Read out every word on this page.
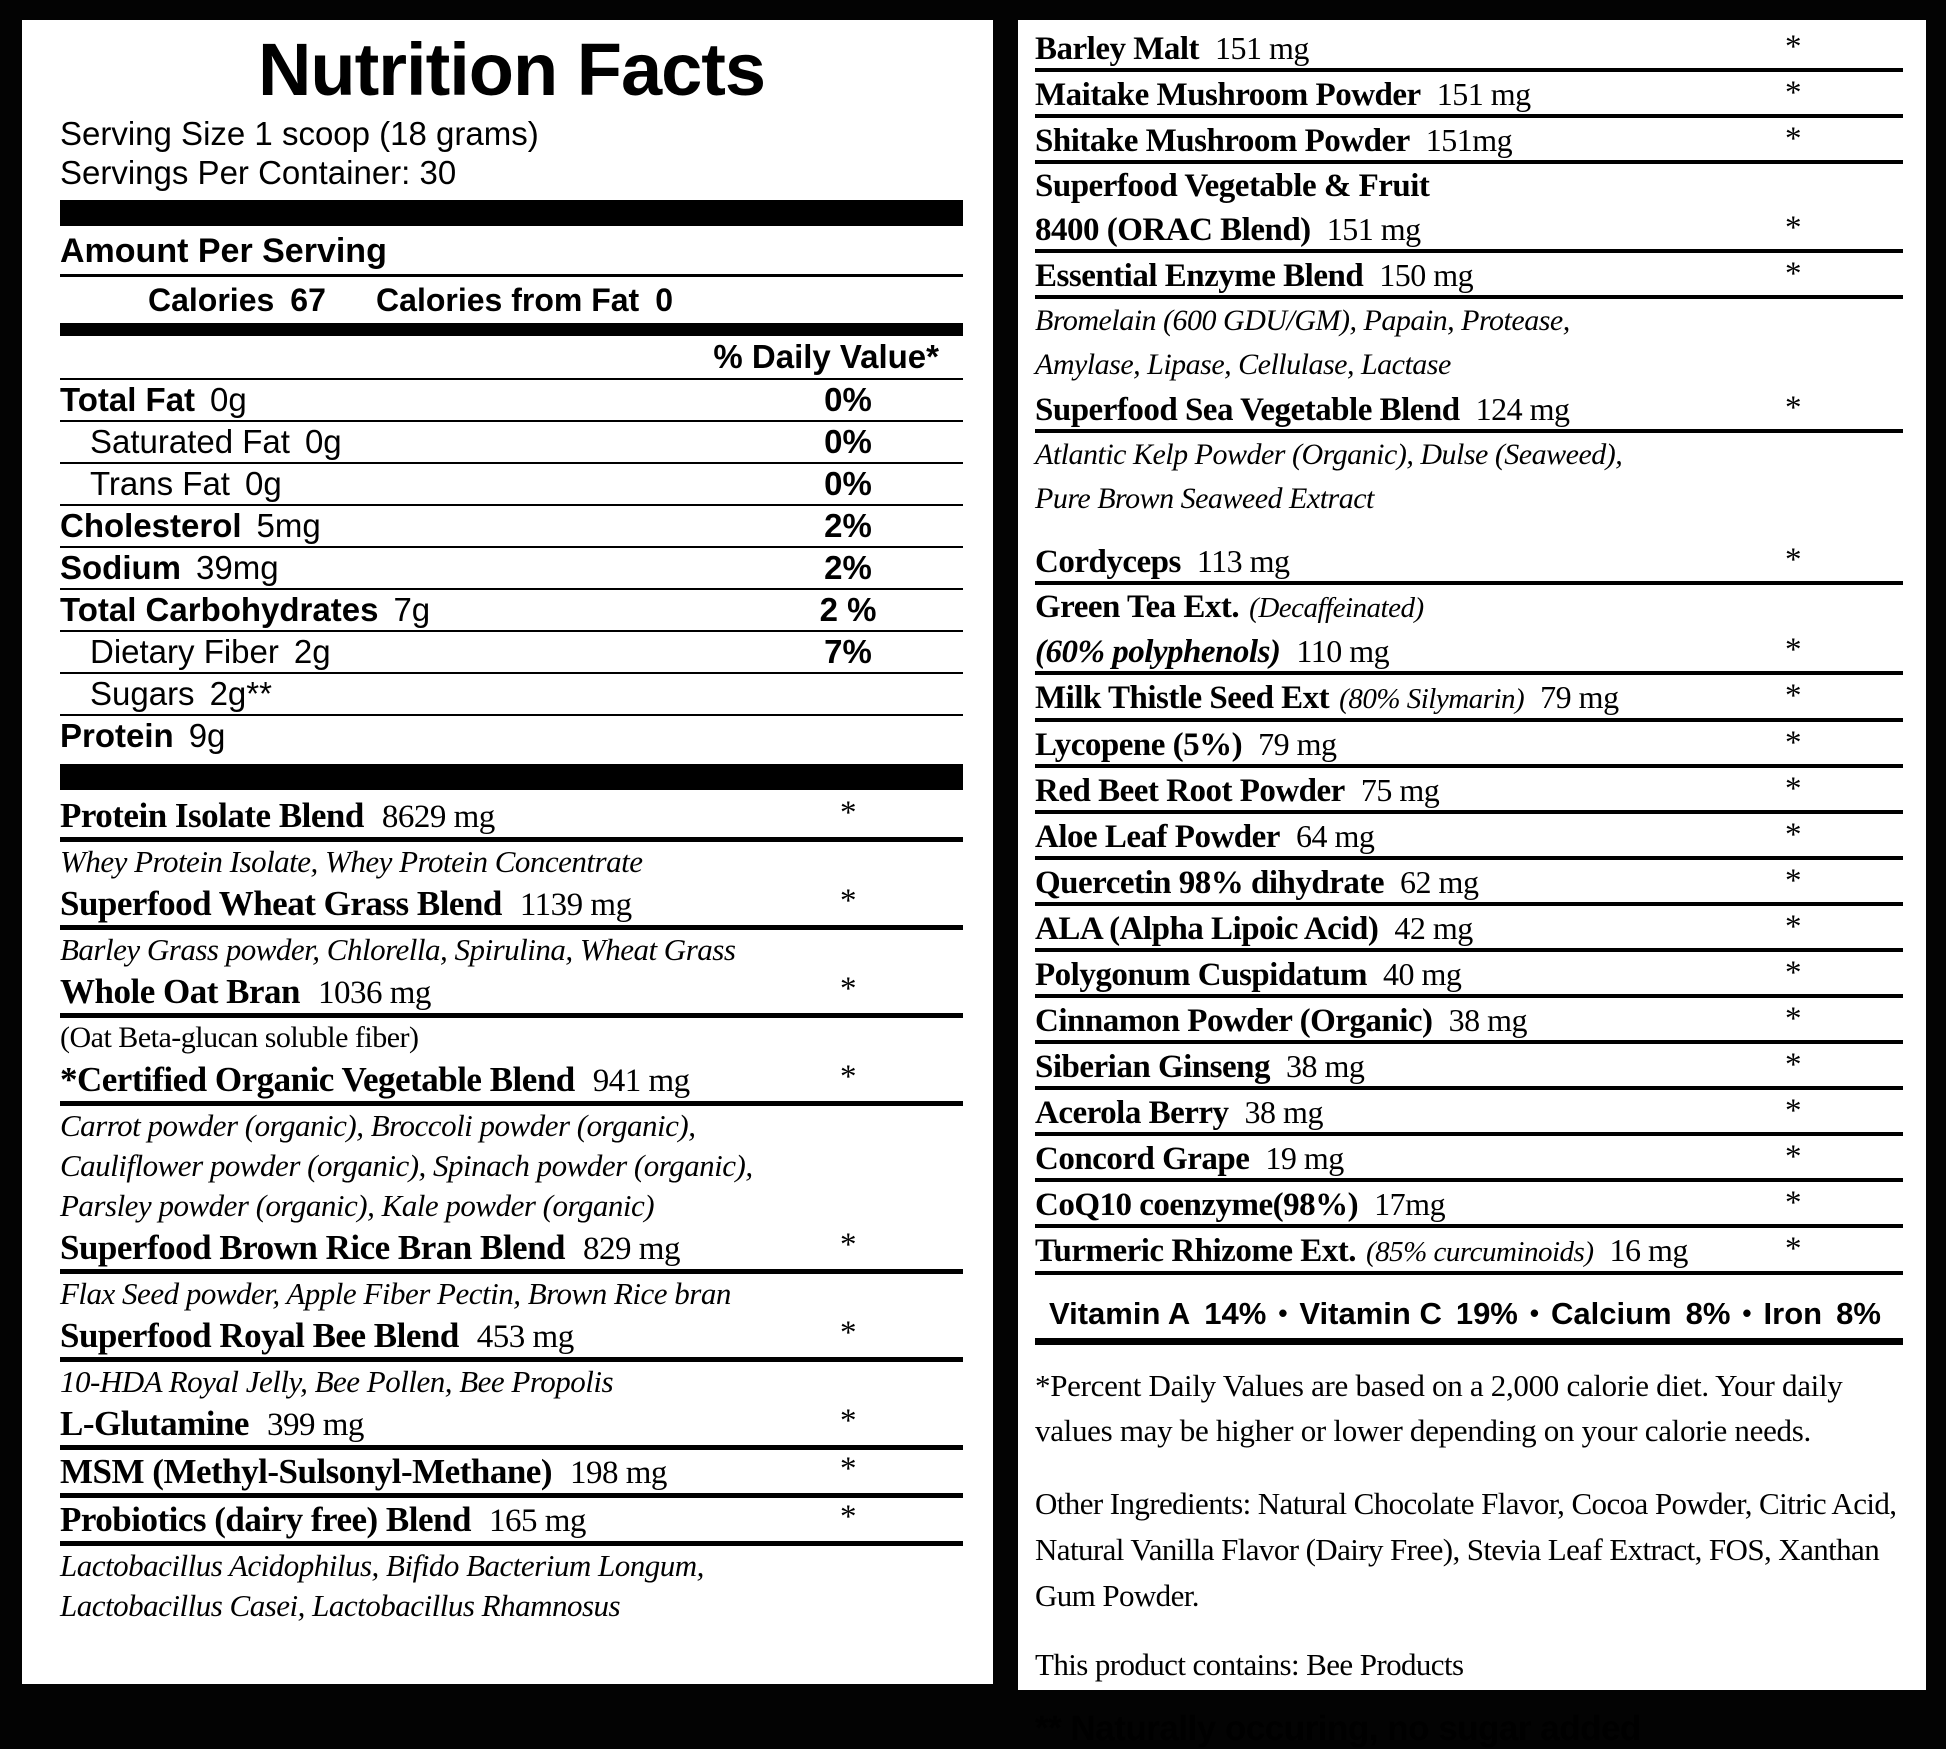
Nutrition Facts
Serving Size 1 scoop (18 grams)
Servings Per Container: 30
Amount Per Serving
Calories 67 Calories from Fat 0
% Daily Value*
Total Fat 0g	0%
Saturated Fat 0g	0%
Trans Fat 0g	0%
Cholesterol 5mg	2%
Sodium 39mg	2%
Total Carbohydrates 7g	2 %
Dietary Fiber 2g	7%
Sugars 2g**
Protein 9g
Protein Isolate Blend 8629 mg	*
Whey Protein Isolate, Whey Protein Concentrate
Superfood Wheat Grass Blend 1139 mg	*
Barley Grass powder, Chlorella, Spirulina, Wheat Grass
Whole Oat Bran 1036 mg	*
(Oat Beta-glucan soluble fiber)
*Certified Organic Vegetable Blend 941 mg	*
Carrot powder (organic), Broccoli powder (organic),
Cauliflower powder (organic), Spinach powder (organic),
Parsley powder (organic), Kale powder (organic)
Superfood Brown Rice Bran Blend 829 mg	*
Flax Seed powder, Apple Fiber Pectin, Brown Rice bran
Superfood Royal Bee Blend 453 mg	*
10-HDA Royal Jelly, Bee Pollen, Bee Propolis
L-Glutamine 399 mg	*
MSM (Methyl-Sulsonyl-Methane) 198 mg	*
Probiotics (dairy free) Blend 165 mg	*
Lactobacillus Acidophilus, Bifido Bacterium Longum,
Lactobacillus Casei, Lactobacillus Rhamnosus
Barley Malt 151 mg	*
Maitake Mushroom Powder 151 mg	*
Shitake Mushroom Powder 151mg	*
Superfood Vegetable & Fruit
8400 (ORAC Blend) 151 mg	*
Essential Enzyme Blend 150 mg	*
Bromelain (600 GDU/GM), Papain, Protease,
Amylase, Lipase, Cellulase, Lactase
Superfood Sea Vegetable Blend 124 mg	*
Atlantic Kelp Powder (Organic), Dulse (Seaweed),
Pure Brown Seaweed Extract
Cordyceps 113 mg	*
Green Tea Ext. (Decaffeinated)
(60% polyphenols) 110 mg	*
Milk Thistle Seed Ext (80% Silymarin) 79 mg	*
Lycopene (5%) 79 mg	*
Red Beet Root Powder 75 mg	*
Aloe Leaf Powder 64 mg	*
Quercetin 98% dihydrate 62 mg	*
ALA (Alpha Lipoic Acid) 42 mg	*
Polygonum Cuspidatum 40 mg	*
Cinnamon Powder (Organic) 38 mg	*
Siberian Ginseng 38 mg	*
Acerola Berry 38 mg	*
Concord Grape 19 mg	*
CoQ10 coenzyme(98%) 17mg	*
Turmeric Rhizome Ext. (85% curcuminoids) 16 mg	*
Vitamin A 14% • Vitamin C 19% • Calcium 8% • Iron 8%

*Percent Daily Values are based on a 2,000 calorie diet. Your daily values may be higher or lower depending on your calorie needs.

Other Ingredients: Natural Chocolate Flavor, Cocoa Powder, Citric Acid, Natural Vanilla Flavor (Dairy Free), Stevia Leaf Extract, FOS, Xanthan Gum Powder.

This product contains: Bee Products

** Naturally occuring, no sugar added
